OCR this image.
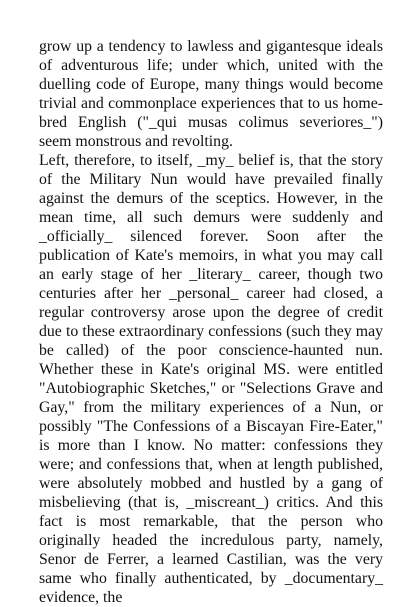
grow up a tendency to lawless and gigantesque ideals of adventurous life; under which, united with the duelling code of Europe, many things would become trivial and commonplace experiences that to us home-bred English ("_qui musas colimus severiores_") seem monstrous and revolting.

Left, therefore, to itself, _my_ belief is, that the story of the Military Nun would have prevailed finally against the demurs of the sceptics. However, in the mean time, all such demurs were suddenly and _officially_ silenced forever. Soon after the publication of Kate's memoirs, in what you may call an early stage of her _literary_ career, though two centuries after her _personal_ career had closed, a regular controversy arose upon the degree of credit due to these extraordinary confessions (such they may be called) of the poor conscience-haunted nun. Whether these in Kate's original MS. were entitled "Autobiographic Sketches," or "Selections Grave and Gay," from the military experiences of a Nun, or possibly "The Confessions of a Biscayan Fire-Eater," is more than I know. No matter: confessions they were; and confessions that, when at length published, were absolutely mobbed and hustled by a gang of misbelieving (that is, _miscreant_) critics. And this fact is most remarkable, that the person who originally headed the incredulous party, namely, Senor de Ferrer, a learned Castilian, was the very same who finally authenticated, by _documentary_ evidence, the
